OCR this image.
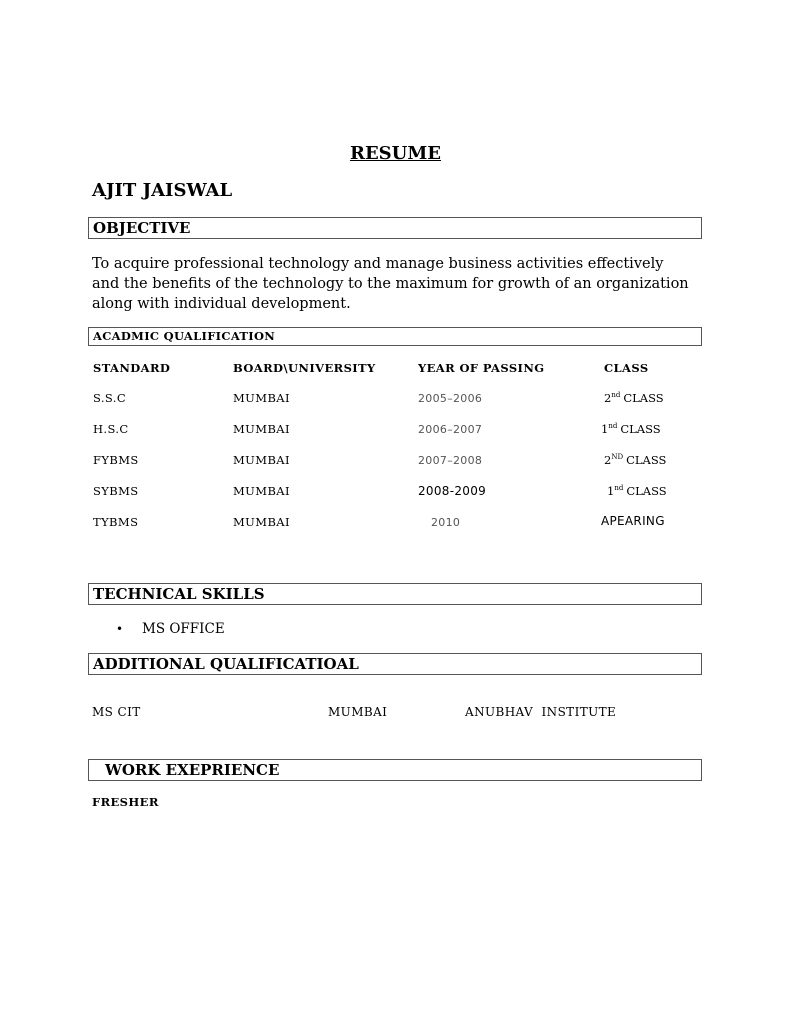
RESUME
AJIT JAISWAL
OBJECTIVE
To acquire professional technology and manage business activities effectively and the benefits of the technology to the maximum for growth of an organization along with individual development.
ACADMIC QUALIFICATION
STANDARD	BOARD\UNIVERSITY	YEAR OF PASSING	CLASS
S.S.C	MUMBAI	2005–2006	2nd CLASS
H.S.C	MUMBAI	2006–2007	1nd CLASS
FYBMS	MUMBAI	2007–2008	2ND CLASS
SYBMS	MUMBAI	2008-2009	1nd CLASS
TYBMS	MUMBAI	2010	APEARING
TECHNICAL SKILLS
• MS OFFICE
ADDITIONAL QUALIFICATIOAL
MS CIT	MUMBAI	ANUBHAV  INSTITUTE
WORK EXEPRIENCE
FRESHER
